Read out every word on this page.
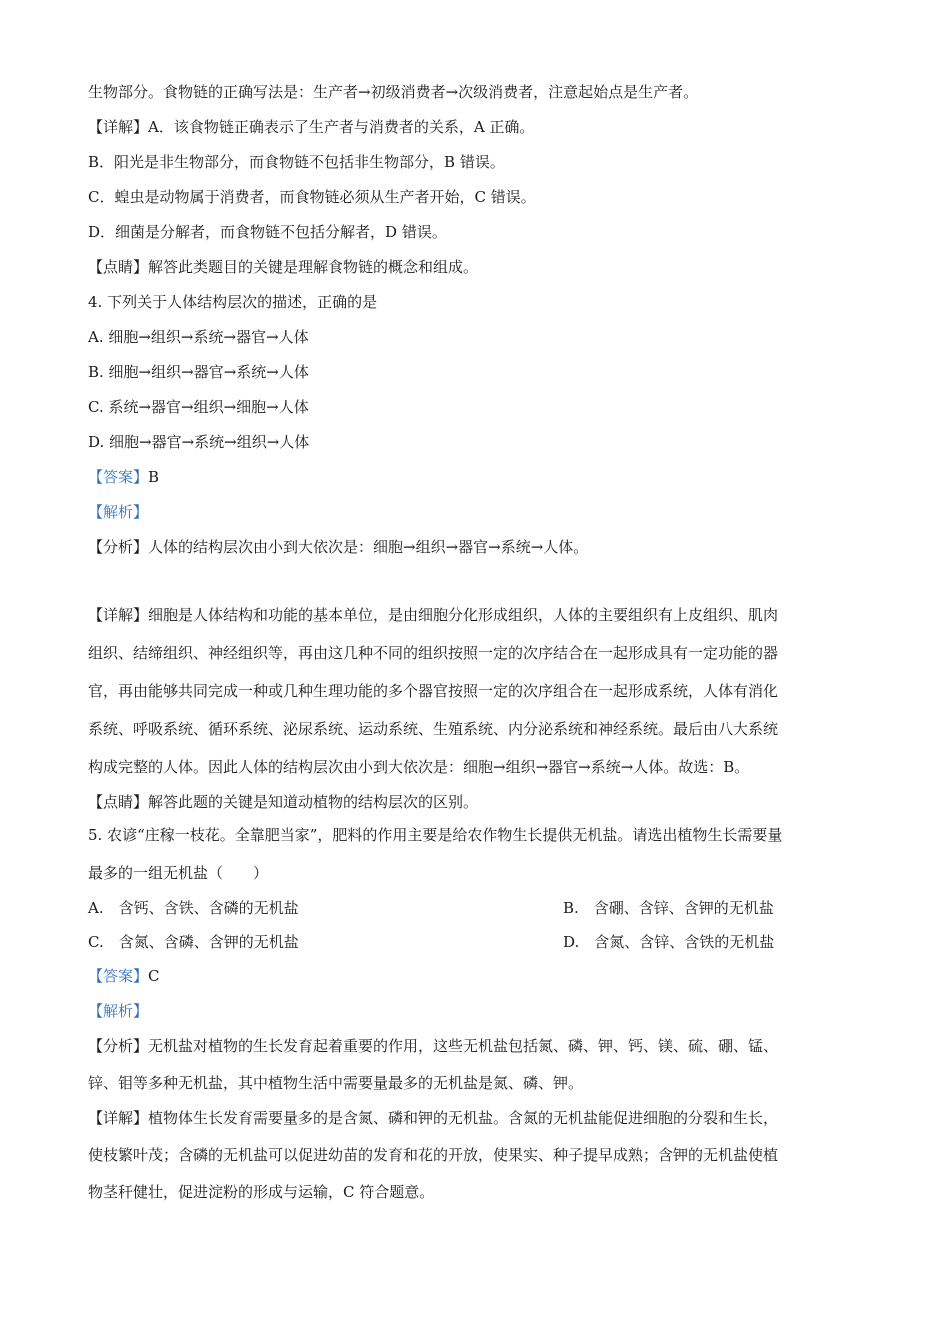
生物部分。食物链的正确写法是：生产者→初级消费者→次级消费者，注意起始点是生产者。
【详解】A．该食物链正确表示了生产者与消费者的关系，A 正确。
B．阳光是非生物部分，而食物链不包括非生物部分，B 错误。
C．蝗虫是动物属于消费者，而食物链必须从生产者开始，C 错误。
D．细菌是分解者，而食物链不包括分解者，D 错误。
【点睛】解答此类题目的关键是理解食物链的概念和组成。
4. 下列关于人体结构层次的描述，正确的是
A. 细胞→组织→系统→器官→人体
B. 细胞→组织→器官→系统→人体
C. 系统→器官→组织→细胞→人体
D. 细胞→器官→系统→组织→人体
【答案】B
【解析】
【分析】人体的结构层次由小到大依次是：细胞→组织→器官→系统→人体。
【详解】细胞是人体结构和功能的基本单位，是由细胞分化形成组织，人体的主要组织有上皮组织、肌肉
组织、结缔组织、神经组织等，再由这几种不同的组织按照一定的次序结合在一起形成具有一定功能的器
官，再由能够共同完成一种或几种生理功能的多个器官按照一定的次序组合在一起形成系统，人体有消化
系统、呼吸系统、循环系统、泌尿系统、运动系统、生殖系统、内分泌系统和神经系统。最后由八大系统
构成完整的人体。因此人体的结构层次由小到大依次是：细胞→组织→器官→系统→人体。故选：B。
【点睛】解答此题的关键是知道动植物的结构层次的区别。
5. 农谚“庄稼一枝花。全靠肥当家”，肥料的作用主要是给农作物生长提供无机盐。请选出植物生长需要量
最多的一组无机盐（　　）
A.　含钙、含铁、含磷的无机盐	B.　含硼、含锌、含钾的无机盐
C.　含氮、含磷、含钾的无机盐	D.　含氮、含锌、含铁的无机盐
【答案】C
【解析】
【分析】无机盐对植物的生长发育起着重要的作用，这些无机盐包括氮、磷、钾、钙、镁、硫、硼、锰、
锌、钼等多种无机盐，其中植物生活中需要量最多的无机盐是氮、磷、钾。
【详解】植物体生长发育需要量多的是含氮、磷和钾的无机盐。含氮的无机盐能促进细胞的分裂和生长，
使枝繁叶茂；含磷的无机盐可以促进幼苗的发育和花的开放，使果实、种子提早成熟；含钾的无机盐使植
物茎秆健壮，促进淀粉的形成与运输，C 符合题意。
